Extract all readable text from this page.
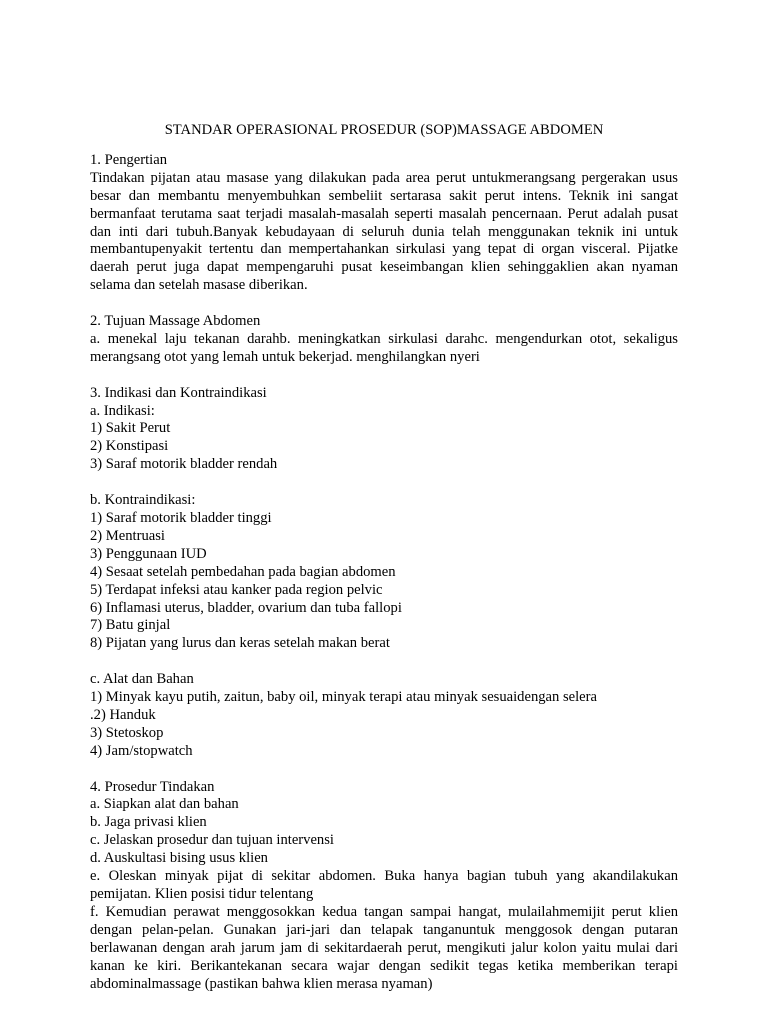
STANDAR OPERASIONAL PROSEDUR (SOP)MASSAGE ABDOMEN
1. Pengertian
Tindakan pijatan atau masase yang dilakukan pada area perut untukmerangsang pergerakan usus besar dan membantu menyembuhkan sembeliit sertarasa sakit perut intens. Teknik ini sangat bermanfaat terutama saat terjadi masalah-masalah seperti masalah pencernaan. Perut adalah pusat dan inti dari tubuh.Banyak kebudayaan di seluruh dunia telah menggunakan teknik ini untuk membantupenyakit tertentu dan mempertahankan sirkulasi yang tepat di organ visceral. Pijatke daerah perut juga dapat mempengaruhi pusat keseimbangan klien sehinggaklien akan nyaman selama dan setelah masase diberikan.
2. Tujuan Massage Abdomen
a. menekal laju tekanan darahb. meningkatkan sirkulasi darahc. mengendurkan otot, sekaligus merangsang otot yang lemah untuk bekerjad. menghilangkan nyeri
3. Indikasi dan Kontraindikasi
a. Indikasi:
1) Sakit Perut
2) Konstipasi
3) Saraf motorik bladder rendah
b. Kontraindikasi:
1) Saraf motorik bladder tinggi
2) Mentruasi
3) Penggunaan IUD
4) Sesaat setelah pembedahan pada bagian abdomen
5) Terdapat infeksi atau kanker pada region pelvic
6) Inflamasi uterus, bladder, ovarium dan tuba fallopi
7) Batu ginjal
8) Pijatan yang lurus dan keras setelah makan berat
c. Alat dan Bahan
1) Minyak kayu putih, zaitun, baby oil, minyak terapi atau minyak sesuaidengan selera
.2) Handuk
3) Stetoskop
4) Jam/stopwatch
4. Prosedur Tindakan
a. Siapkan alat dan bahan
b. Jaga privasi klien
c. Jelaskan prosedur dan tujuan intervensi
d. Auskultasi bising usus klien
e. Oleskan minyak pijat di sekitar abdomen. Buka hanya bagian tubuh yang akandilakukan pemijatan. Klien posisi tidur telentang
f. Kemudian perawat menggosokkan kedua tangan sampai hangat, mulailahmemijit perut klien dengan pelan-pelan. Gunakan jari-jari dan telapak tanganuntuk menggosok dengan putaran berlawanan dengan arah jarum jam di sekitardaerah perut, mengikuti jalur kolon yaitu mulai dari kanan ke kiri. Berikantekanan secara wajar dengan sedikit tegas ketika memberikan terapi abdominalmassage (pastikan bahwa klien merasa nyaman)
